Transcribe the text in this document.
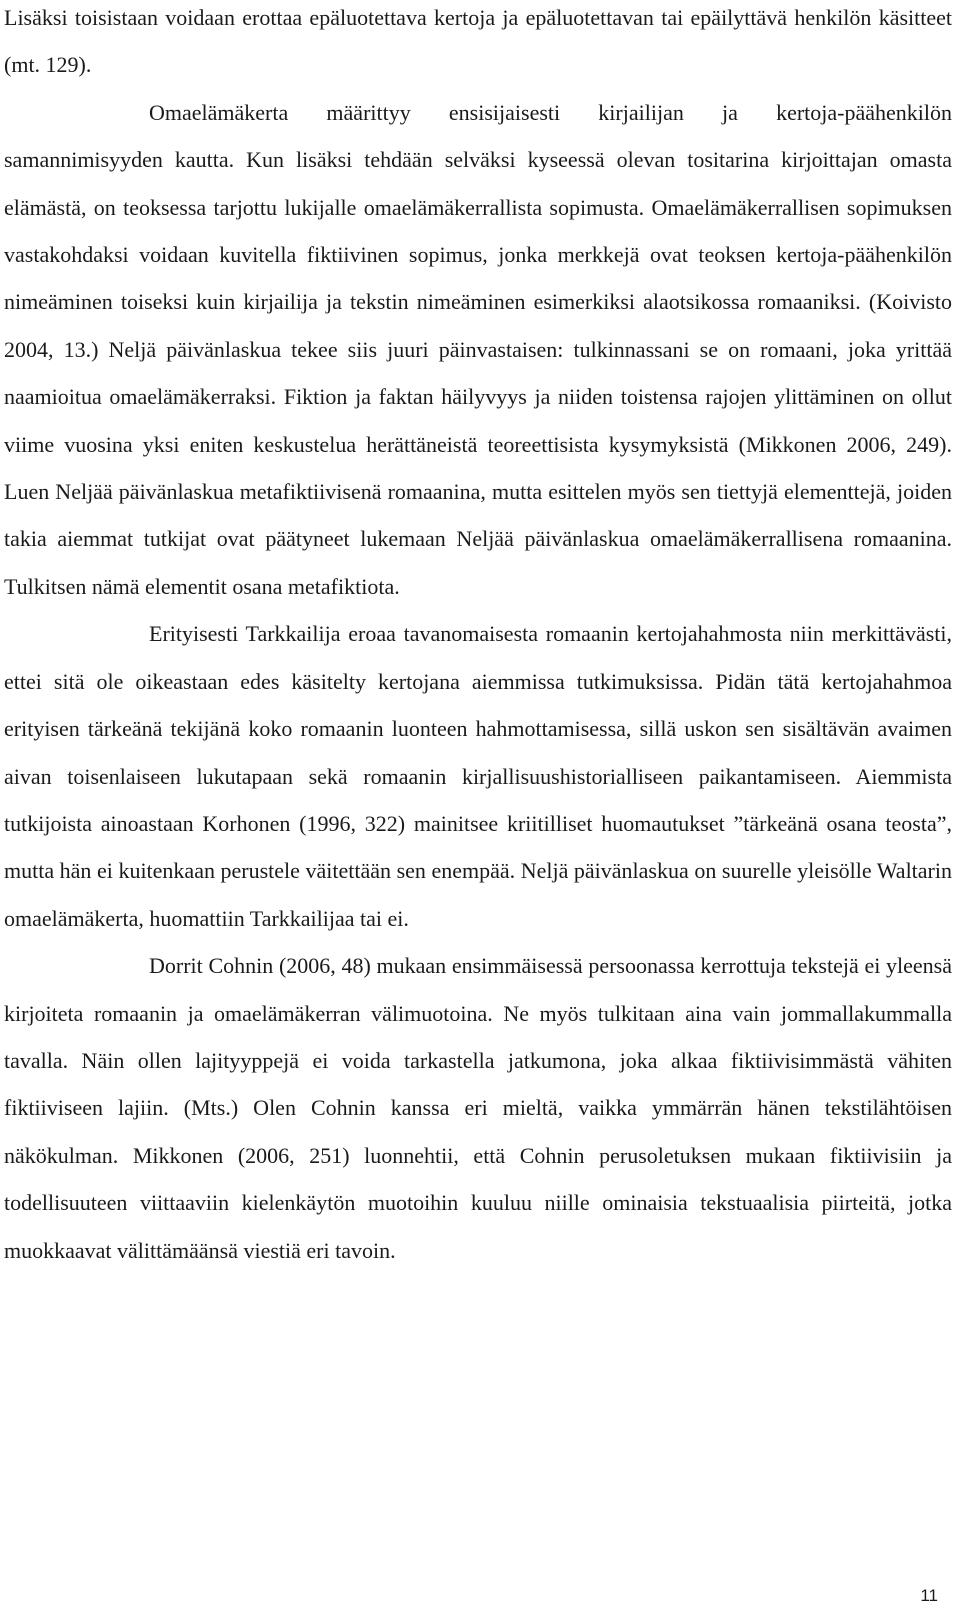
Lisäksi toisistaan voidaan erottaa epäluotettava kertoja ja epäluotettavan tai epäilyttävä henkilön käsitteet (mt. 129).

Omaelämäkerta määrittyy ensisijaisesti kirjailijan ja kertoja-päähenkilön samannimisyyden kautta. Kun lisäksi tehdään selväksi kyseessä olevan tositarina kirjoittajan omasta elämästä, on teoksessa tarjottu lukijalle omaelämäkerrallista sopimusta. Omaelämäkerrallisen sopimuksen vastakohdaksi voidaan kuvitella fiktiivinen sopimus, jonka merkkejä ovat teoksen kertoja-päähenkilön nimeäminen toiseksi kuin kirjailija ja tekstin nimeäminen esimerkiksi alaotsikossa romaaniksi. (Koivisto 2004, 13.) Neljä päivänlaskua tekee siis juuri päinvastaisen: tulkinnassani se on romaani, joka yrittää naamioitua omaelämäkerraksi. Fiktion ja faktan häilyvyys ja niiden toistensa rajojen ylittäminen on ollut viime vuosina yksi eniten keskustelua herättäneistä teoreettisista kysymyksistä (Mikkonen 2006, 249). Luen Neljää päivänlaskua metafiktiivisenä romaanina, mutta esittelen myös sen tiettyjä elementtejä, joiden takia aiemmat tutkijat ovat päätyneet lukemaan Neljää päivänlaskua omaelämäkerrallisena romaanina. Tulkitsen nämä elementit osana metafiktiota.

Erityisesti Tarkkailija eroaa tavanomaisesta romaanin kertojahahmosta niin merkittävästi, ettei sitä ole oikeastaan edes käsitelty kertojana aiemmissa tutkimuksissa. Pidän tätä kertojahahmoa erityisen tärkeänä tekijänä koko romaanin luonteen hahmottamisessa, sillä uskon sen sisältävän avaimen aivan toisenlaiseen lukutapaan sekä romaanin kirjallisuushistorialliseen paikantamiseen. Aiemmista tutkijoista ainoastaan Korhonen (1996, 322) mainitsee kriitilliset huomautukset ”tärkeänä osana teosta”, mutta hän ei kuitenkaan perustele väitettään sen enempää. Neljä päivänlaskua on suurelle yleisölle Waltarin omaelämäkerta, huomattiin Tarkkailijaa tai ei.

Dorrit Cohnin (2006, 48) mukaan ensimmäisessä persoonassa kerrottuja tekstejä ei yleensä kirjoiteta romaanin ja omaelämäkerran välimuotoina. Ne myös tulkitaan aina vain jommallakummalla tavalla. Näin ollen lajityyppejä ei voida tarkastella jatkumona, joka alkaa fiktiivisimmästä vähiten fiktiiviseen lajiin. (Mts.) Olen Cohnin kanssa eri mieltä, vaikka ymmärrän hänen tekstilähtöisen näkökulman. Mikkonen (2006, 251) luonnehtii, että Cohnin perusoletuksen mukaan fiktiivisiin ja todellisuuteen viittaaviin kielenkäytön muotoihin kuuluu niille ominaisia tekstuaalisia piirteitä, jotka muokkaavat välittämäänsä viestiä eri tavoin.

11
